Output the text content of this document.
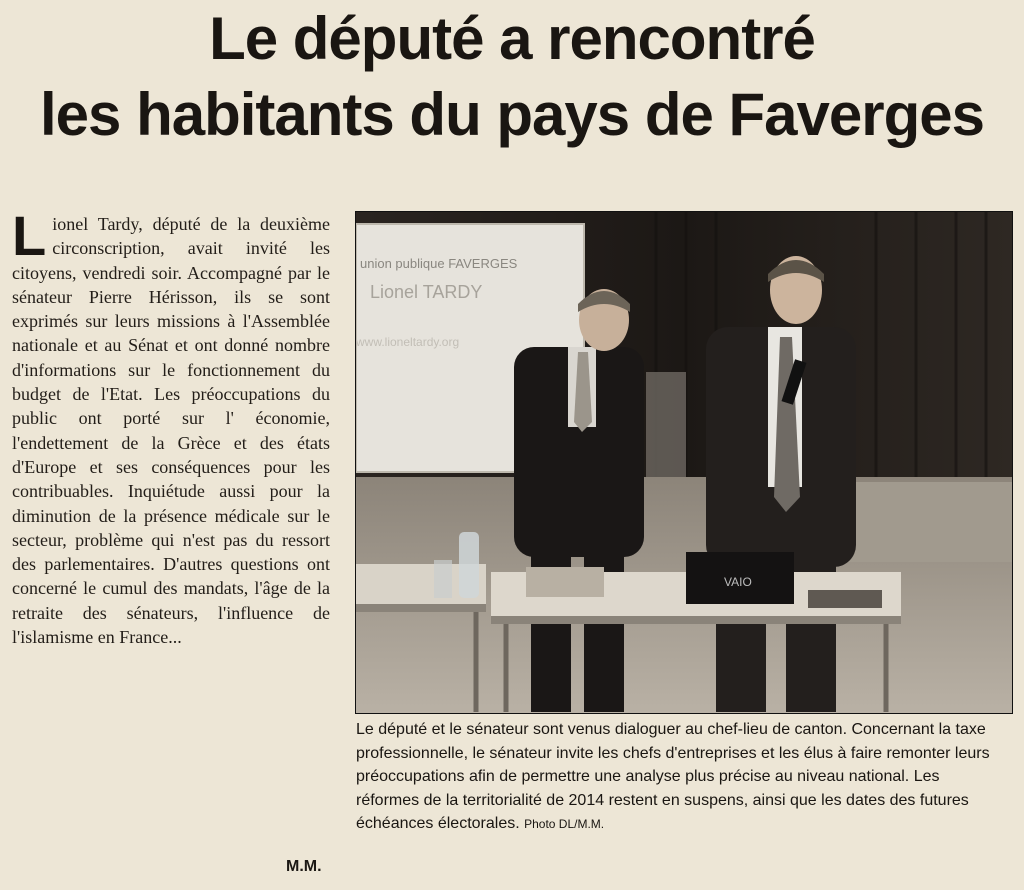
Le député a rencontré
les habitants du pays de Faverges
Lionel Tardy, député de la deuxième circonscription, avait invité les citoyens, vendredi soir. Accompagné par le sénateur Pierre Hérisson, ils se sont exprimés sur leurs missions à l'Assemblée nationale et au Sénat et ont donné nombre d'informations sur le fonctionnement du budget de l'Etat. Les préoccupations du public ont porté sur l' économie, l'endettement de la Grèce et des états d'Europe et ses conséquences pour les contribuables. Inquiétude aussi pour la diminution de la présence médicale sur le secteur, problème qui n'est pas du ressort des parlementaires. D'autres questions ont concerné le cumul des mandats, l'âge de la retraite des sénateurs, l'influence de l'islamisme en France...
M.M.
union publique FAVERGES
Lionel TARDY
www.lioneltardy.org
VAIO
Le député et le sénateur sont venus dialoguer au chef-lieu de canton. Concernant la taxe professionnelle, le sénateur invite les chefs d'entreprises et les élus à faire remonter leurs préoccupations afin de permettre une analyse plus précise au niveau national. Les réformes de la territorialité de 2014 restent en suspens, ainsi que les dates des futures échéances électorales. Photo DL/M.M.
